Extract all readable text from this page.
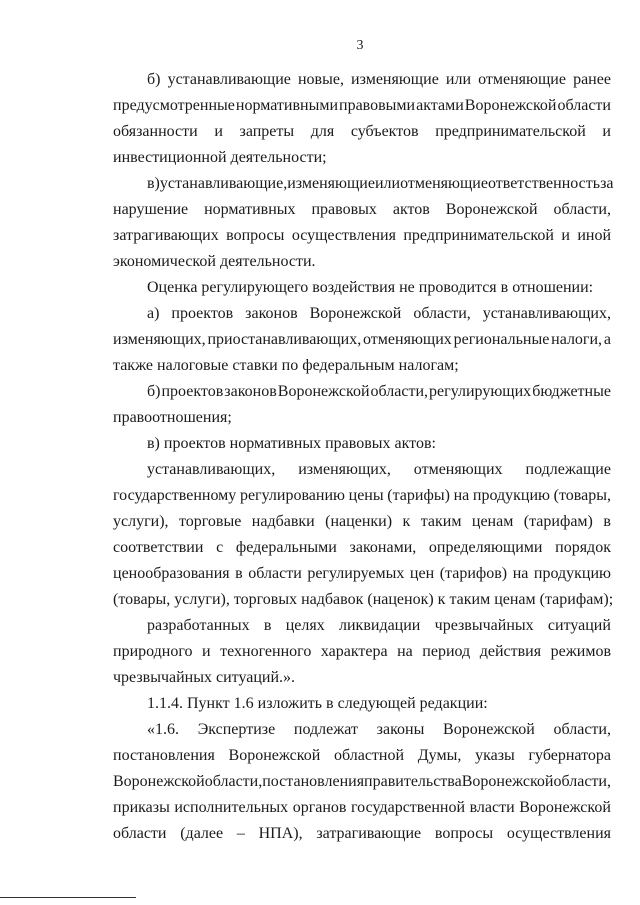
3
б) устанавливающие новые, изменяющие или отменяющие ранее
предусмотренные нормативными правовыми актами Воронежской области
обязанности и запреты для субъектов предпринимательской и
инвестиционной деятельности;
в) устанавливающие, изменяющие или отменяющие ответственность за
нарушение нормативных правовых актов Воронежской области,
затрагивающих вопросы осуществления предпринимательской и иной
экономической деятельности.
Оценка регулирующего воздействия не проводится в отношении:
а) проектов законов Воронежской области, устанавливающих,
изменяющих, приостанавливающих, отменяющих региональные налоги, а
также налоговые ставки по федеральным налогам;
б) проектов законов Воронежской области, регулирующих бюджетные
правоотношения;
в) проектов нормативных правовых актов:
устанавливающих, изменяющих, отменяющих подлежащие
государственному регулированию цены (тарифы) на продукцию (товары,
услуги), торговые надбавки (наценки) к таким ценам (тарифам) в
соответствии с федеральными законами, определяющими порядок
ценообразования в области регулируемых цен (тарифов) на продукцию
(товары, услуги), торговых надбавок (наценок) к таким ценам (тарифам);
разработанных в целях ликвидации чрезвычайных ситуаций
природного и техногенного характера на период действия режимов
чрезвычайных ситуаций.».
1.1.4. Пункт 1.6 изложить в следующей редакции:
«1.6. Экспертизе подлежат законы Воронежской области,
постановления Воронежской областной Думы, указы губернатора
Воронежской области, постановления правительства Воронежской области,
приказы исполнительных органов государственной власти Воронежской
области (далее – НПА), затрагивающие вопросы осуществления
